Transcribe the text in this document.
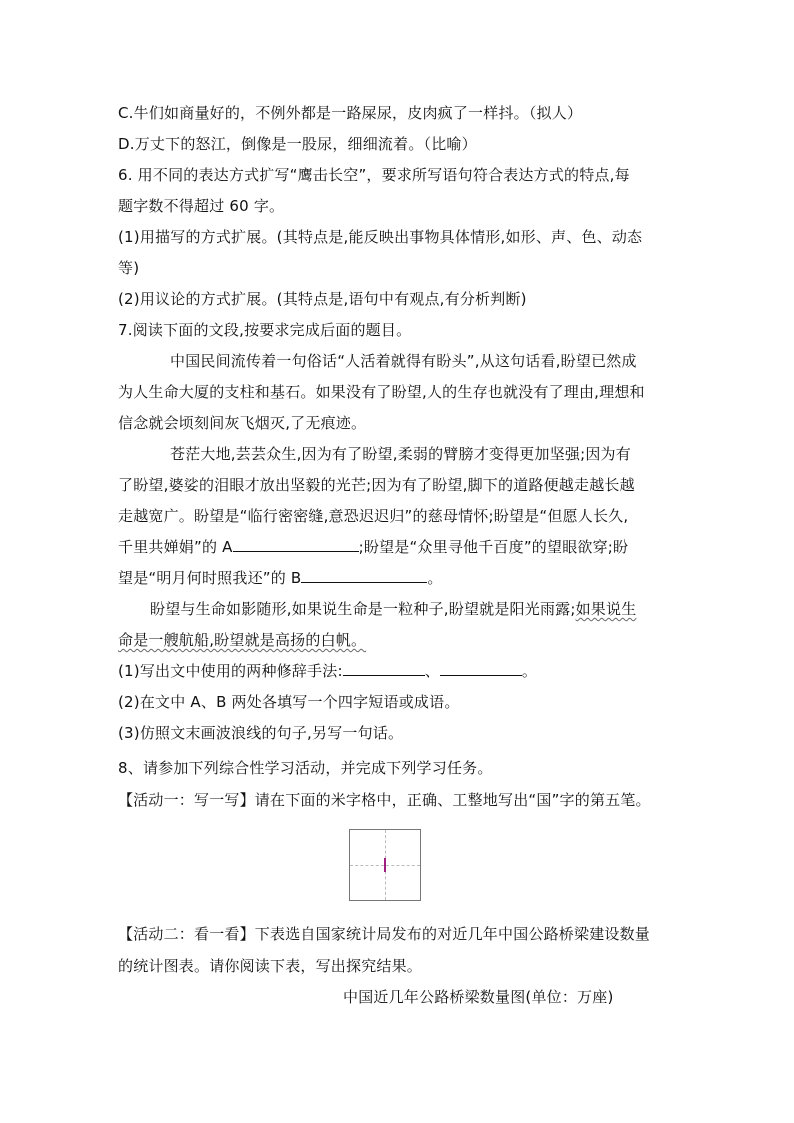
C.牛们如商量好的，不例外都是一路屎尿，皮肉疯了一样抖。（拟人）
D.万丈下的怒江，倒像是一股尿，细细流着。（比喻）
6. 用不同的表达方式扩写“鹰击长空”，要求所写语句符合表达方式的特点,每
题字数不得超过 60 字。
(1)用描写的方式扩展。(其特点是,能反映出事物具体情形,如形、声、色、动态
等)
(2)用议论的方式扩展。(其特点是,语句中有观点,有分析判断)
7.阅读下面的文段,按要求完成后面的题目。
中国民间流传着一句俗话“人活着就得有盼头”,从这句话看,盼望已然成
为人生命大厦的支柱和基石。如果没有了盼望,人的生存也就没有了理由,理想和
信念就会顷刻间灰飞烟灭,了无痕迹。
苍茫大地,芸芸众生,因为有了盼望,柔弱的臂膀才变得更加坚强;因为有
了盼望,婆娑的泪眼才放出坚毅的光芒;因为有了盼望,脚下的道路便越走越长越
走越宽广。盼望是“临行密密缝,意恐迟迟归”的慈母情怀;盼望是“但愿人长久,
千里共婵娟”的 A	;盼望是“众里寻他千百度”的望眼欲穿;盼
望是“明月何时照我还”的 B	。
盼望与生命如影随形,如果说生命是一粒种子,盼望就是阳光雨露;如果说生
命是一艘航船,盼望就是高扬的白帆。
(1)写出文中使用的两种修辞手法:	、	。
(2)在文中 A、B 两处各填写一个四字短语或成语。
(3)仿照文末画波浪线的句子,另写一句话。
8、请参加下列综合性学习活动，并完成下列学习任务。
【活动一：写一写】请在下面的米字格中，正确、工整地写出“国”字的第五笔。
【活动二：看一看】下表选自国家统计局发布的对近几年中国公路桥梁建设数量
的统计图表。请你阅读下表，写出探究结果。
中国近几年公路桥梁数量图(单位：万座)
